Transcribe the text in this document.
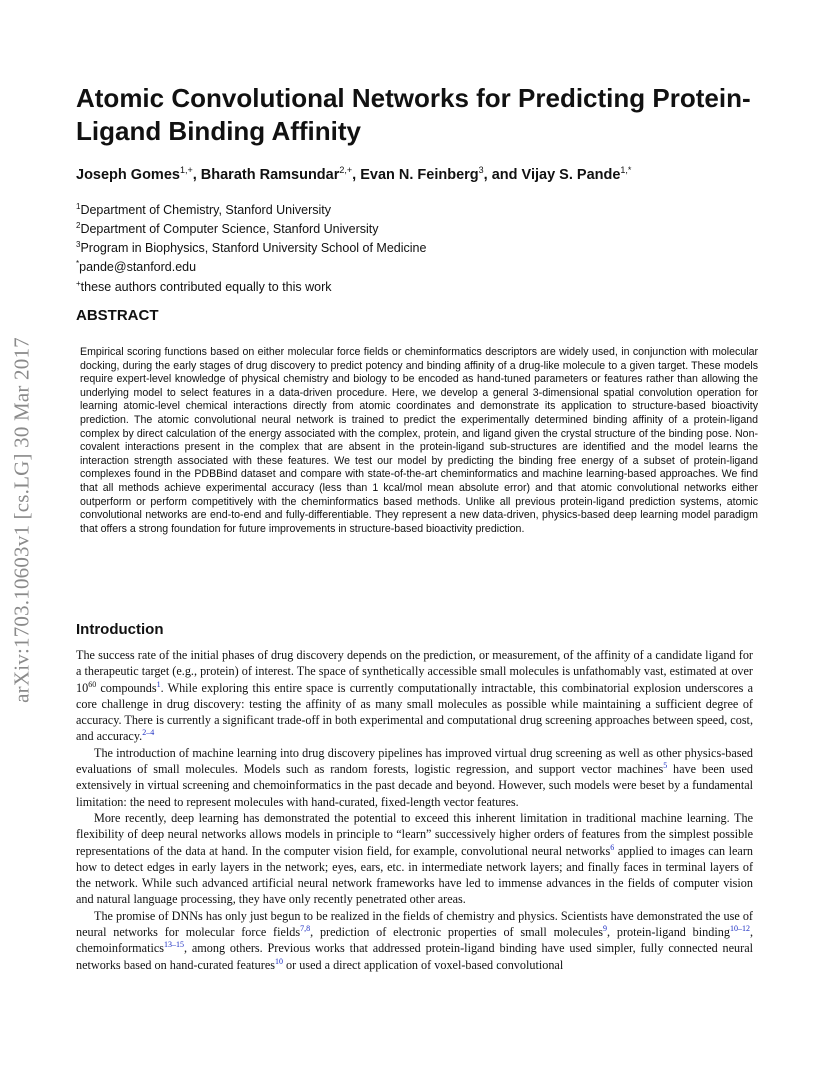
arXiv:1703.10603v1 [cs.LG] 30 Mar 2017
Atomic Convolutional Networks for Predicting Protein-Ligand Binding Affinity
Joseph Gomes$^{1,+}$, Bharath Ramsundar$^{2,+}$, Evan N. Feinberg$^3$, and Vijay S. Pande$^{1,*}$
$^1$Department of Chemistry, Stanford University
$^2$Department of Computer Science, Stanford University
$^3$Program in Biophysics, Stanford University School of Medicine
*pande@stanford.edu
+these authors contributed equally to this work
ABSTRACT

Empirical scoring functions based on either molecular force fields or cheminformatics descriptors are widely used, in conjunction with molecular docking, during the early stages of drug discovery to predict potency and binding affinity of a drug-like molecule to a given target. These models require expert-level knowledge of physical chemistry and biology to be encoded as hand-tuned parameters or features rather than allowing the underlying model to select features in a data-driven procedure. Here, we develop a general 3-dimensional spatial convolution operation for learning atomic-level chemical interactions directly from atomic coordinates and demonstrate its application to structure-based bioactivity prediction. The atomic convolutional neural network is trained to predict the experimentally determined binding affinity of a protein-ligand complex by direct calculation of the energy associated with the complex, protein, and ligand given the crystal structure of the binding pose. Non-covalent interactions present in the complex that are absent in the protein-ligand sub-structures are identified and the model learns the interaction strength associated with these features. We test our model by predicting the binding free energy of a subset of protein-ligand complexes found in the PDBBind dataset and compare with state-of-the-art cheminformatics and machine learning-based approaches. We find that all methods achieve experimental accuracy (less than 1 kcal/mol mean absolute error) and that atomic convolutional networks either outperform or perform competitively with the cheminformatics based methods. Unlike all previous protein-ligand prediction systems, atomic convolutional networks are end-to-end and fully-differentiable. They represent a new data-driven, physics-based deep learning model paradigm that offers a strong foundation for future improvements in structure-based bioactivity prediction.

Introduction

The success rate of the initial phases of drug discovery depends on the prediction, or measurement, of the affinity of a candidate ligand for a therapeutic target (e.g., protein) of interest. The space of synthetically accessible small molecules is unfathomably vast, estimated at over $10^{60}$ compounds$^1$. While exploring this entire space is currently computationally intractable, this combinatorial explosion underscores a core challenge in drug discovery: testing the affinity of as many small molecules as possible while maintaining a sufficient degree of accuracy. There is currently a significant trade-off in both experimental and computational drug screening approaches between speed, cost, and accuracy.$^{2-4}$

The introduction of machine learning into drug discovery pipelines has improved virtual drug screening as well as other physics-based evaluations of small molecules. Models such as random forests, logistic regression, and support vector machines$^5$ have been used extensively in virtual screening and chemoinformatics in the past decade and beyond. However, such models were beset by a fundamental limitation: the need to represent molecules with hand-curated, fixed-length vector features.

More recently, deep learning has demonstrated the potential to exceed this inherent limitation in traditional machine learning. The flexibility of deep neural networks allows models in principle to “learn” successively higher orders of features from the simplest possible representations of the data at hand. In the computer vision field, for example, convolutional neural networks$^6$ applied to images can learn how to detect edges in early layers in the network; eyes, ears, etc. in intermediate network layers; and finally faces in terminal layers of the network. While such advanced artificial neural network frameworks have led to immense advances in the fields of computer vision and natural language processing, they have only recently penetrated other areas.

The promise of DNNs has only just begun to be realized in the fields of chemistry and physics. Scientists have demonstrated the use of neural networks for molecular force fields$^{7,8}$, prediction of electronic properties of small molecules$^9$, protein-ligand binding$^{10-12}$, chemoinformatics$^{13-15}$, among others. Previous works that addressed protein-ligand binding have used simpler, fully connected neural networks based on hand-curated features$^{10}$ or used a direct application of voxel-based convolutional
